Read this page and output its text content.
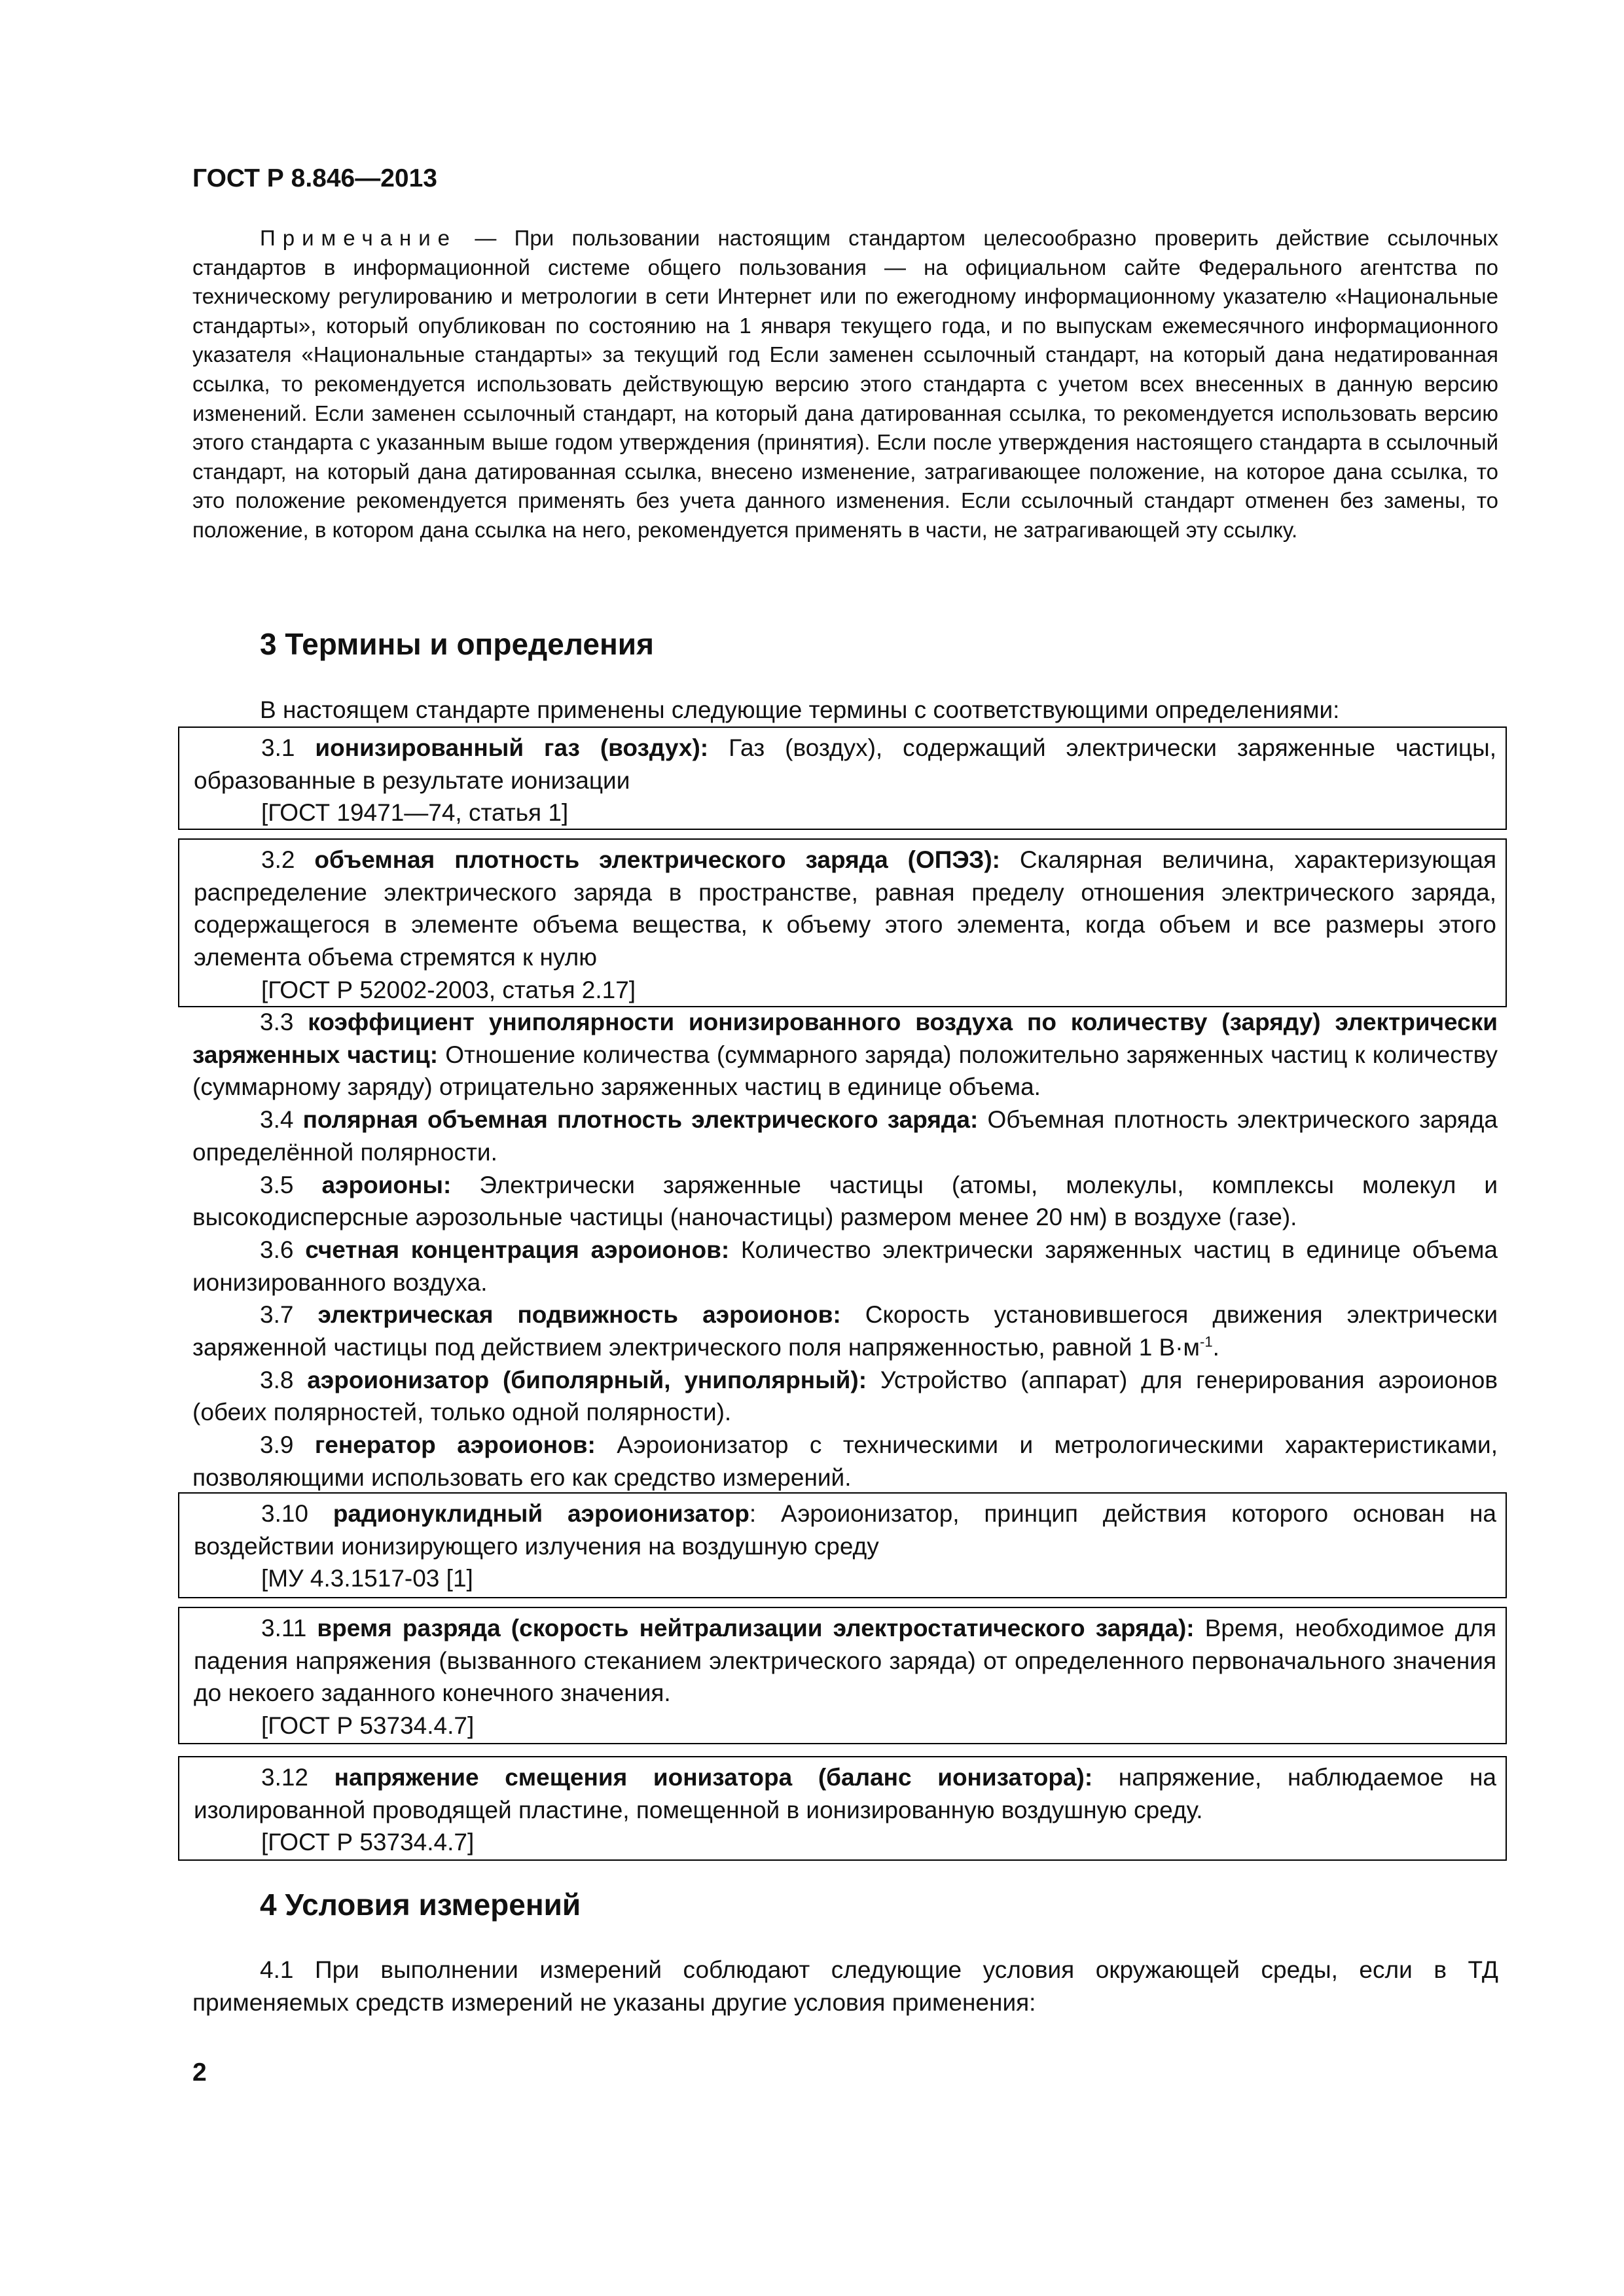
ГОСТ Р 8.846—2013

Примечание — При пользовании настоящим стандартом целесообразно проверить действие ссылочных стандартов в информационной системе общего пользования — на официальном сайте Федерального агентства по техническому регулированию и метрологии в сети Интернет или по ежегодному информационному указателю «Национальные стандарты», который опубликован по состоянию на 1 января текущего года, и по выпускам ежемесячного информационного указателя «Национальные стандарты» за текущий год Если заменен ссылочный стандарт, на который дана недатированная ссылка, то рекомендуется использовать действующую версию этого стандарта с учетом всех внесенных в данную версию изменений. Если заменен ссылочный стандарт, на который дана датированная ссылка, то рекомендуется использовать версию этого стандарта с указанным выше годом утверждения (принятия). Если после утверждения настоящего стандарта в ссылочный стандарт, на который дана датированная ссылка, внесено изменение, затрагивающее положение, на которое дана ссылка, то это положение рекомендуется применять без учета данного изменения. Если ссылочный стандарт отменен без замены, то положение, в котором дана ссылка на него, рекомендуется применять в части, не затрагивающей эту ссылку.

3 Термины и определения

В настоящем стандарте применены следующие термины с соответствующими определениями:

3.1 ионизированный газ (воздух): Газ (воздух), содержащий электрически заряженные частицы, образованные в результате ионизации

[ГОСТ 19471—74, статья 1]

3.2 объемная плотность электрического заряда (ОПЭЗ): Скалярная величина, характеризующая распределение электрического заряда в пространстве, равная пределу отношения электрического заряда, содержащегося в элементе объема вещества, к объему этого элемента, когда объем и все размеры этого элемента объема стремятся к нулю

[ГОСТ Р 52002-2003, статья 2.17]

3.3 коэффициент униполярности ионизированного воздуха по количеству (заряду) электрически заряженных частиц: Отношение количества (суммарного заряда) положительно заряженных частиц к количеству (суммарному заряду) отрицательно заряженных частиц в единице объема.

3.4 полярная объемная плотность электрического заряда: Объемная плотность электрического заряда определённой полярности.

3.5 аэроионы: Электрически заряженные частицы (атомы, молекулы, комплексы молекул и высокодисперсные аэрозольные частицы (наночастицы) размером менее 20 нм) в воздухе (газе).

3.6 счетная концентрация аэроионов: Количество электрически заряженных частиц в единице объема ионизированного воздуха.

3.7 электрическая подвижность аэроионов: Скорость установившегося движения электрически заряженной частицы под действием электрического поля напряженностью, равной 1 $В\cdot м^{-1}$.

3.8 аэроионизатор (биполярный, униполярный): Устройство (аппарат) для генерирования аэроионов (обеих полярностей, только одной полярности).

3.9 генератор аэроионов: Аэроионизатор с техническими и метрологическими характеристиками, позволяющими использовать его как средство измерений.

3.10 радионуклидный аэроионизатор: Аэроионизатор, принцип действия которого основан на воздействии ионизирующего излучения на воздушную среду

[МУ 4.3.1517-03 [1]

3.11 время разряда (скорость нейтрализации электростатического заряда): Время, необходимое для падения напряжения (вызванного стеканием электрического заряда) от определенного первоначального значения до некоего заданного конечного значения.

[ГОСТ Р 53734.4.7]

3.12 напряжение смещения ионизатора (баланс ионизатора): напряжение, наблюдаемое на изолированной проводящей пластине, помещенной в ионизированную воздушную среду.

[ГОСТ Р 53734.4.7]

4 Условия измерений

4.1 При выполнении измерений соблюдают следующие условия окружающей среды, если в ТД применяемых средств измерений не указаны другие условия применения:

2
